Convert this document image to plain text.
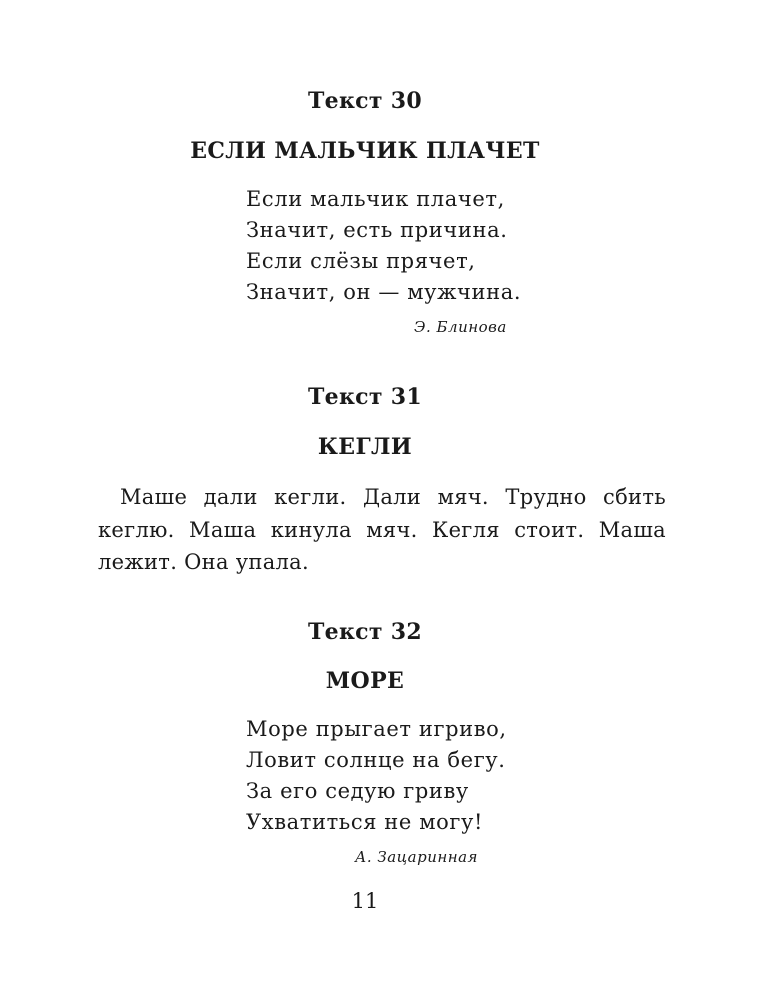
Текст 30
ЕСЛИ МАЛЬЧИК ПЛАЧЕТ
Если мальчик плачет,
Значит, есть причина.
Если слёзы прячет,
Значит, он — мужчина.
Э. Блинова
Текст 31
КЕГЛИ
Маше дали кегли. Дали мяч. Трудно сбить
кеглю. Маша кинула мяч. Кегля стоит. Маша
лежит. Она упала.
Текст 32
МОРЕ
Море прыгает игриво,
Ловит солнце на бегу.
За его седую гриву
Ухватиться не могу!
А. Зацаринная
11
